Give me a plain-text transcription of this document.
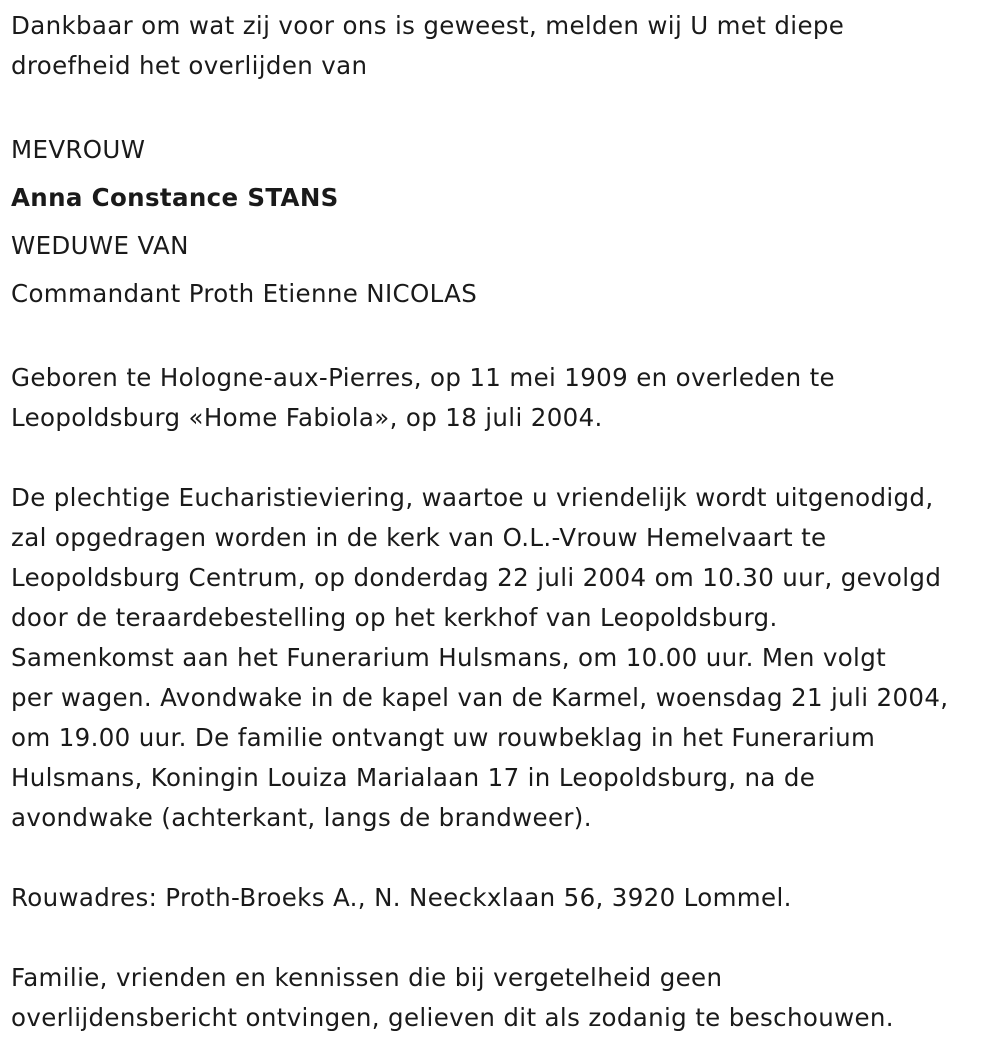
Dankbaar om wat zij voor ons is geweest, melden wij U met diepe
droefheid het overlijden van

MEVROUW

Anna Constance STANS

WEDUWE VAN

Commandant Proth Etienne NICOLAS

Geboren te Hologne-aux-Pierres, op 11 mei 1909 en overleden te
Leopoldsburg «Home Fabiola», op 18 juli 2004.

De plechtige Eucharistieviering, waartoe u vriendelijk wordt uitgenodigd,
zal opgedragen worden in de kerk van O.L.-Vrouw Hemelvaart te
Leopoldsburg Centrum, op donderdag 22 juli 2004 om 10.30 uur, gevolgd
door de teraardebestelling op het kerkhof van Leopoldsburg.
Samenkomst aan het Funerarium Hulsmans, om 10.00 uur. Men volgt
per wagen. Avondwake in de kapel van de Karmel, woensdag 21 juli 2004,
om 19.00 uur. De familie ontvangt uw rouwbeklag in het Funerarium
Hulsmans, Koningin Louiza Marialaan 17 in Leopoldsburg, na de
avondwake (achterkant, langs de brandweer).

Rouwadres: Proth-Broeks A., N. Neeckxlaan 56, 3920 Lommel.

Familie, vrienden en kennissen die bij vergetelheid geen
overlijdensbericht ontvingen, gelieven dit als zodanig te beschouwen.
